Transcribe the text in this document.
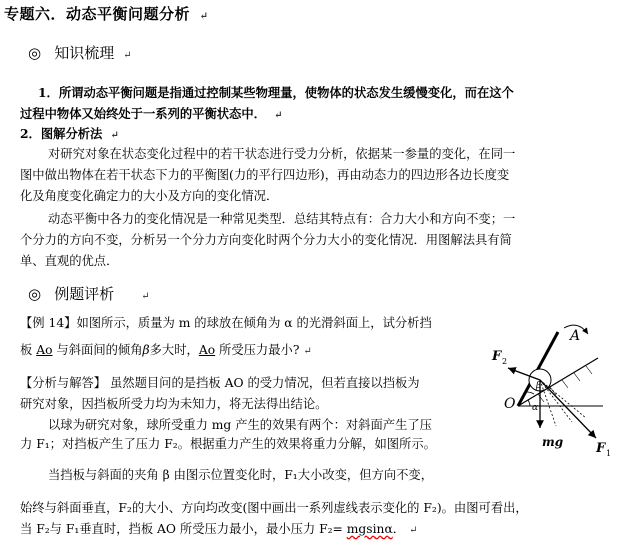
专题六．动态平衡问题分析 ↵
◎ 知识梳理 ↵
1．所谓动态平衡问题是指通过控制某些物理量，使物体的状态发生缓慢变化，而在这个
过程中物体又始终处于一系列的平衡状态中． ↵
2．图解分析法 ↵
对研究对象在状态变化过程中的若干状态进行受力分析，依据某一参量的变化，在同一
图中做出物体在若干状态下力的平衡图(力的平行四边形)，再由动态力的四边形各边长度变
化及角度变化确定力的大小及方向的变化情况．
动态平衡中各力的变化情况是一种常见类型．总结其特点有：合力大小和方向不变；一
个分力的方向不变，分析另一个分力方向变化时两个分力大小的变化情况．用图解法具有简
单、直观的优点．
◎ 例题评析	↵
【例 14】如图所示，质量为 m 的球放在倾角为 α 的光滑斜面上，试分析挡
板 Ao 与斜面间的倾角β多大时，Ao 所受压力最小? ↵
【分析与解答】 虽然题目问的是挡板 AO 的受力情况，但若直接以挡板为
研究对象，因挡板所受力均为未知力，将无法得出结论。
以球为研究对象，球所受重力 mg 产生的效果有两个：对斜面产生了压
力 F₁；对挡板产生了压力 F₂。根据重力产生的效果将重力分解，如图所示。
当挡板与斜面的夹角 β 由图示位置变化时，F₁大小改变，但方向不变，
始终与斜面垂直，F₂的大小、方向均改变(图中画出一系列虚线表示变化的 F₂)。由图可看出，
当 F₂与 F₁垂直时，挡板 AO 所受压力最小，最小压力 F₂= mgsinα． ↵
A
F 2
O α
β
mg	F 1
